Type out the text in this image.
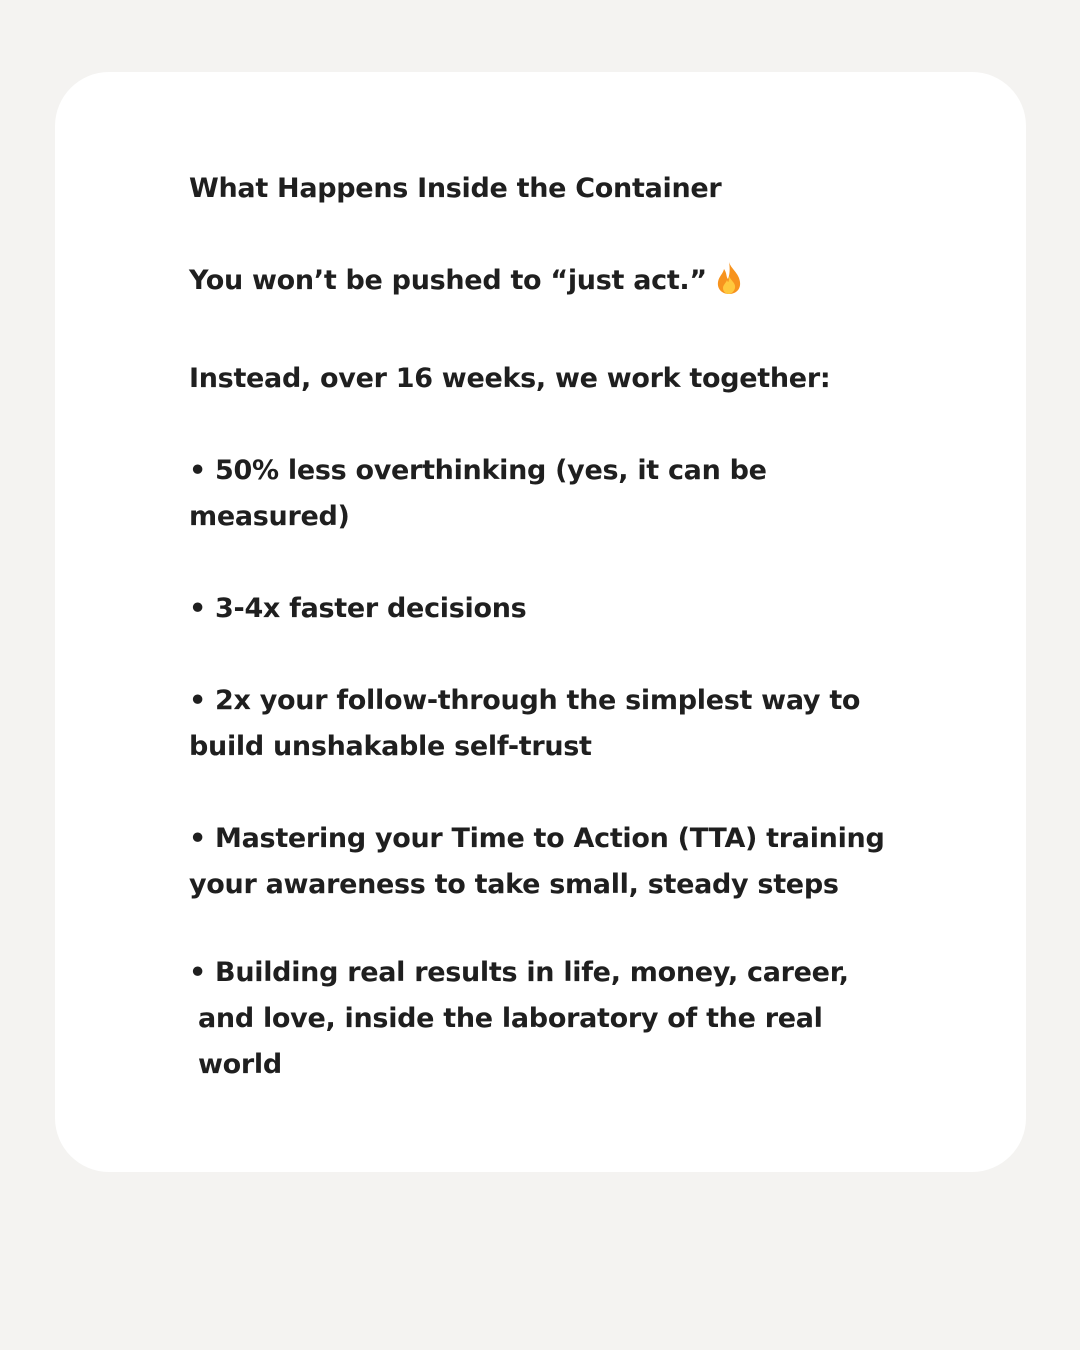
What Happens Inside the Container

You won’t be pushed to “just act.”

Instead, over 16 weeks, we work together:

• 50% less overthinking (yes, it can be

measured)

• 3-4x faster decisions

• 2x your follow-through the simplest way to

build unshakable self-trust

• Mastering your Time to Action (TTA) training

your awareness to take small, steady steps

• Building real results in life, money, career,

and love, inside the laboratory of the real

world
